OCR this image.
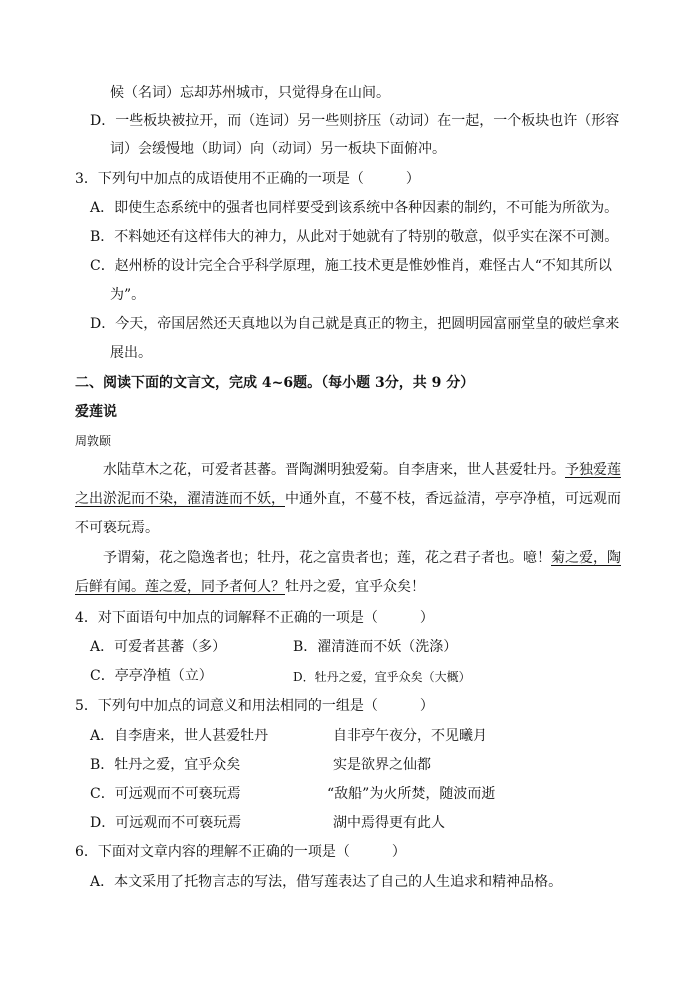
候（名词）忘却苏州城市，只觉得身在山间。
D．一些板块被拉开，而（连词）另一些则挤压（动词）在一起，一个板块也许（形容
词）会缓慢地（助词）向（动词）另一板块下面俯冲。
3．下列句中加点的成语使用不正确的一项是（　　　）
A．即使生态系统中的强者也同样要受到该系统中各种因素的制约，不可能为所欲为。
B．不料她还有这样伟大的神力，从此对于她就有了特别的敬意，似乎实在深不可测。
C．赵州桥的设计完全合乎科学原理，施工技术更是惟妙惟肖，难怪古人“不知其所以
为”。
D．今天，帝国居然还天真地以为自己就是真正的物主，把圆明园富丽堂皇的破烂拿来
展出。
二、阅读下面的文言文，完成 4~6题。（每小题 3分，共 9 分）
爱莲说
周敦颐
水陆草木之花，可爱者甚蕃。晋陶渊明独爱菊。自李唐来，世人甚爱牡丹。予独爱莲
之出淤泥而不染，濯清涟而不妖，中通外直，不蔓不枝，香远益清，亭亭净植，可远观而
不可亵玩焉。
予谓菊，花之隐逸者也；牡丹，花之富贵者也；莲，花之君子者也。噫！菊之爱，陶
后鲜有闻。莲之爱，同予者何人？牡丹之爱，宜乎众矣！
4．对下面语句中加点的词解释不正确的一项是（　　　）
A．可爱者甚蕃（多）	B．濯清涟而不妖（洗涤）
C．亭亭净植（立）	D．牡丹之爱，宜乎众矣（大概）
5．下列句中加点的词意义和用法相同的一组是（　　　）
A．自李唐来，世人甚爱牡丹	自非亭午夜分，不见曦月
B．牡丹之爱，宜乎众矣	实是欲界之仙都
C．可远观而不可亵玩焉	“敌船”为火所焚，随波而逝
D．可远观而不可亵玩焉	湖中焉得更有此人
6．下面对文章内容的理解不正确的一项是（　　　）
A．本文采用了托物言志的写法，借写莲表达了自己的人生追求和精神品格。
